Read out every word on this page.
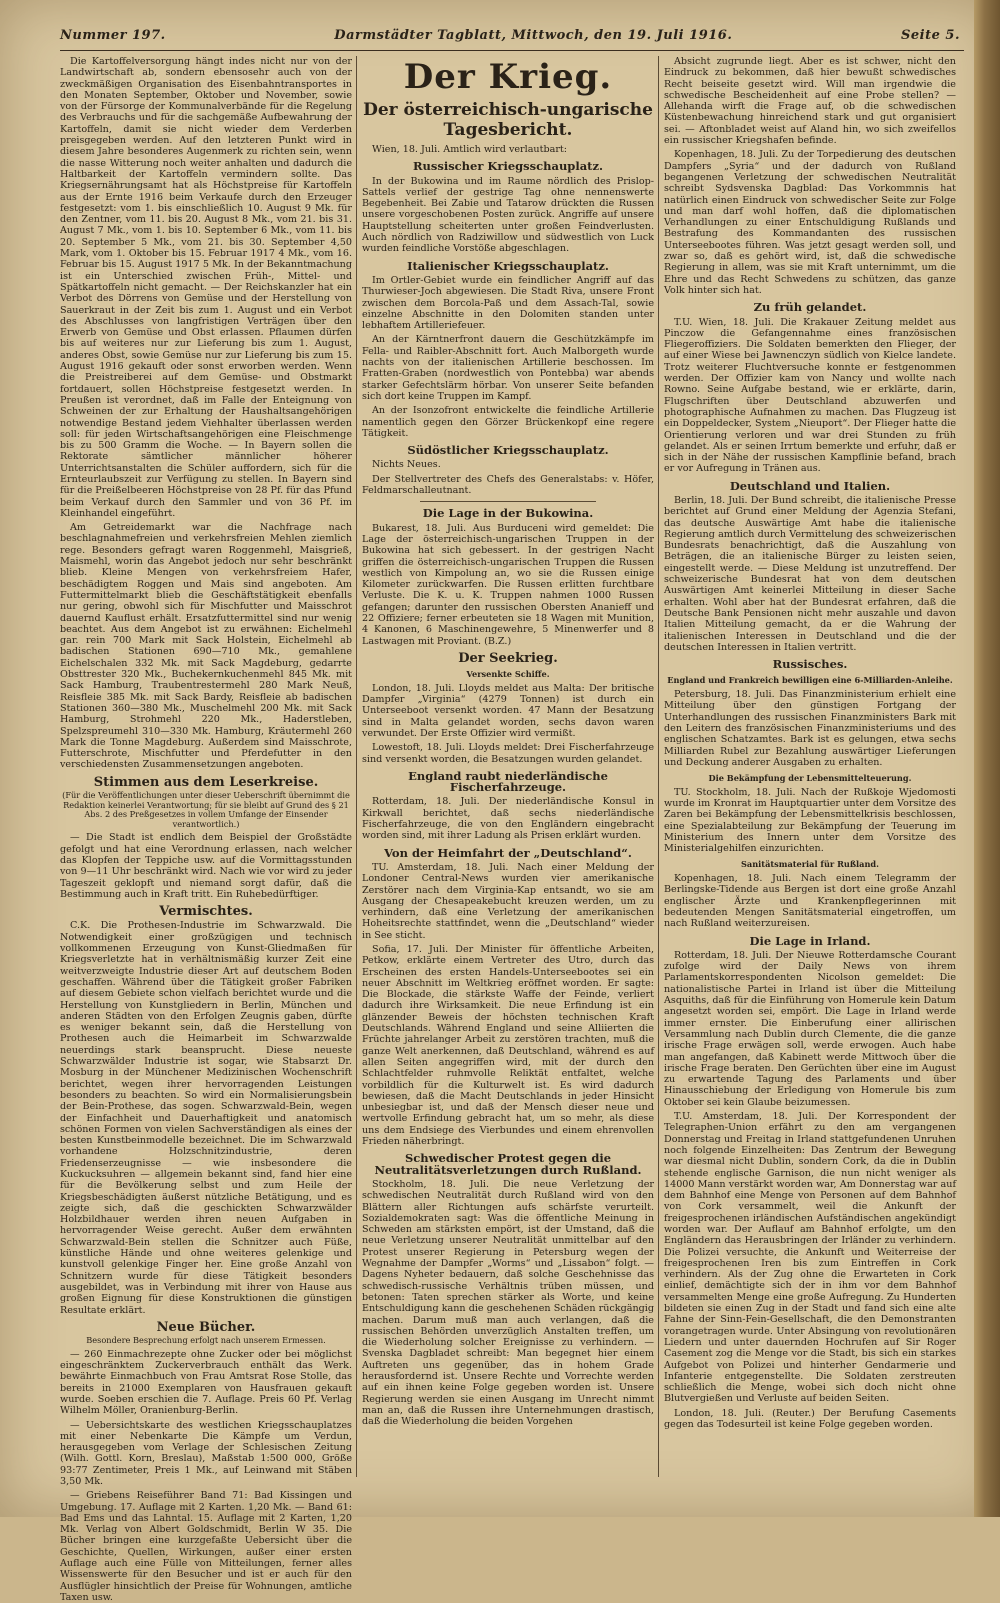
Nummer 197.	Darmstädter Tagblatt, Mittwoch, den 19. Juli 1916.	Seite 5.

Die Kartoffelversorgung hängt indes nicht nur von der Landwirtschaft ab, sondern ebensosehr auch von der zweckmäßigen Organisation des Eisenbahntransportes in den Monaten September, Oktober und November, sowie von der Fürsorge der Kommunalverbände für die Regelung des Verbrauchs und für die sachgemäße Aufbewahrung der Kartoffeln, damit sie nicht wieder dem Verderben preisgegeben werden. Auf den letzteren Punkt wird in diesem Jahre besonderes Augenmerk zu richten sein, wenn die nasse Witterung noch weiter anhalten und dadurch die Haltbarkeit der Kartoffeln vermindern sollte. Das Kriegsernährungsamt hat als Höchstpreise für Kartoffeln aus der Ernte 1916 beim Verkaufe durch den Erzeuger festgesetzt: vom 1. bis einschließlich 10. August 9 Mk. für den Zentner, vom 11. bis 20. August 8 Mk., vom 21. bis 31. August 7 Mk., vom 1. bis 10. September 6 Mk., vom 11. bis 20. September 5 Mk., vom 21. bis 30. September 4,50 Mark, vom 1. Oktober bis 15. Februar 1917 4 Mk., vom 16. Februar bis 15. August 1917 5 Mk. In der Bekanntmachung ist ein Unterschied zwischen Früh-, Mittel- und Spätkartoffeln nicht gemacht. — Der Reichskanzler hat ein Verbot des Dörrens von Gemüse und der Herstellung von Sauerkraut in der Zeit bis zum 1. August und ein Verbot des Abschlusses von langfristigen Verträgen über den Erwerb von Gemüse und Obst erlassen. Pflaumen dürfen bis auf weiteres nur zur Lieferung bis zum 1. August, anderes Obst, sowie Gemüse nur zur Lieferung bis zum 15. August 1916 gekauft oder sonst erworben werden. Wenn die Preistreiberei auf dem Gemüse- und Obstmarkt fortdauert, sollen Höchstpreise festgesetzt werden. In Preußen ist verordnet, daß im Falle der Enteignung von Schweinen der zur Erhaltung der Haushaltsangehörigen notwendige Bestand jedem Viehhalter überlassen werden soll: für jeden Wirtschaftsangehörigen eine Fleischmenge bis zu 500 Gramm die Woche. — In Bayern sollen die Rektorate sämtlicher männlicher höherer Unterrichtsanstalten die Schüler auffordern, sich für die Ernteurlaubszeit zur Verfügung zu stellen. In Bayern sind für die Preißelbeeren Höchstpreise von 28 Pf. für das Pfund beim Verkauf durch den Sammler und von 36 Pf. im Kleinhandel eingeführt.

Am Getreidemarkt war die Nachfrage nach beschlagnahmefreien und verkehrsfreien Mehlen ziemlich rege. Besonders gefragt waren Roggenmehl, Maisgrieß, Maismehl, worin das Angebot jedoch nur sehr beschränkt blieb. Kleine Mengen von verkehrsfreiem Hafer, beschädigtem Roggen und Mais sind angeboten. Am Futtermittelmarkt blieb die Geschäftstätigkeit ebenfalls nur gering, obwohl sich für Mischfutter und Maisschrot dauernd Kauflust erhält. Ersatzfuttermittel sind nur wenig beachtet. Aus dem Angebot ist zu erwähnen: Eichelmehl gar. rein 700 Mark mit Sack Holstein, Eichelmehl ab badischen Stationen 690—710 Mk., gemahlene Eichelschalen 332 Mk. mit Sack Magdeburg, gedarrte Obsttrester 320 Mk., Buchekernkuchenmehl 845 Mk. mit Sack Hamburg, Traubentrestermehl 280 Mark Neuß, Reisfleie 385 Mk. mit Sack Bardy, Reisfleie ab badischen Stationen 360—380 Mk., Muschelmehl 200 Mk. mit Sack Hamburg, Strohmehl 220 Mk., Haderstleben, Spelzspreumehl 310—330 Mk. Hamburg, Kräutermehl 260 Mark die Tonne Magdeburg. Außerdem sind Maisschrote, Futterschrote, Mischfutter und Pferdefutter in den verschiedensten Zusammensetzungen angeboten.

Stimmen aus dem Leserkreise.

(Für die Veröffentlichungen unter dieser Ueberschrift übernimmt die Redaktion keinerlei Verantwortung; für sie bleibt auf Grund des § 21 Abs. 2 des Preßgesetzes in vollem Umfange der Einsender verantwortlich.)

— Die Stadt ist endlich dem Beispiel der Großstädte gefolgt und hat eine Verordnung erlassen, nach welcher das Klopfen der Teppiche usw. auf die Vormittagsstunden von 9—11 Uhr beschränkt wird. Nach wie vor wird zu jeder Tageszeit geklopft und niemand sorgt dafür, daß die Bestimmung auch in Kraft tritt. Ein Ruhebedürftiger.

Vermischtes.

C.K. Die Prothesen-Industrie im Schwarzwald. Die Notwendigkeit einer großzügigen und technisch vollkommenen Erzeugung von Kunst-Gliedmaßen für Kriegsverletzte hat in verhältnismäßig kurzer Zeit eine weitverzweigte Industrie dieser Art auf deutschem Boden geschaffen. Während über die Tätigkeit großer Fabriken auf diesem Gebiete schon vielfach berichtet wurde und die Herstellung von Kunstgliedern in Berlin, München und anderen Städten von den Erfolgen Zeugnis gaben, dürfte es weniger bekannt sein, daß die Herstellung von Prothesen auch die Heimarbeit im Schwarzwalde neuerdings stark beansprucht. Diese neueste Schwarzwälder Industrie ist sogar, wie Stabsarzt Dr. Mosburg in der Münchener Medizinischen Wochenschrift berichtet, wegen ihrer hervorragenden Leistungen besonders zu beachten. So wird ein Normalisierungsbein der Bein-Prothese, das sogen. Schwarzwald-Bein, wegen der Einfachheit und Dauerhaftigkeit und anatomisch schönen Formen von vielen Sachverständigen als eines der besten Kunstbeinmodelle bezeichnet. Die im Schwarzwald vorhandene Holzschnitzindustrie, deren Friedenserzeugnisse — wie insbesondere die Kuckucksuhren — allgemein bekannt sind, fand hier eine für die Bevölkerung selbst und zum Heile der Kriegsbeschädigten äußerst nützliche Betätigung, und es zeigte sich, daß die geschickten Schwarzwälder Holzbildhauer werden ihren neuen Aufgaben in hervorragender Weise gerecht. Außer dem erwähnten Schwarzwald-Bein stellen die Schnitzer auch Füße, künstliche Hände und ohne weiteres gelenkige und kunstvoll gelenkige Finger her. Eine große Anzahl von Schnitzern wurde für diese Tätigkeit besonders ausgebildet, was in Verbindung mit ihrer von Hause aus großen Eignung für diese Konstruktionen die günstigen Resultate erklärt.

Neue Bücher.

Besondere Besprechung erfolgt nach unserem Ermessen.

— 260 Einmachrezepte ohne Zucker oder bei möglichst eingeschränktem Zuckerverbrauch enthält das Werk. bewährte Einmachbuch von Frau Amtsrat Rose Stolle, das bereits in 21000 Exemplaren von Hausfrauen gekauft wurde. Soeben erschien die 7. Auflage. Preis 60 Pf. Verlag Wilhelm Möller, Oranienburg-Berlin.

— Uebersichtskarte des westlichen Kriegsschauplatzes mit einer Nebenkarte Die Kämpfe um Verdun, herausgegeben vom Verlage der Schlesischen Zeitung (Wilh. Gottl. Korn, Breslau), Maßstab 1:500 000, Größe 93:77 Zentimeter, Preis 1 Mk., auf Leinwand mit Stäben 3,50 Mk.

— Griebens Reiseführer Band 71: Bad Kissingen und Umgebung. 17. Auflage mit 2 Karten. 1,20 Mk. — Band 61: Bad Ems und das Lahntal. 15. Auflage mit 2 Karten, 1,20 Mk. Verlag von Albert Goldschmidt, Berlin W 35. Die Bücher bringen eine kurzgefaßte Uebersicht über die Geschichte, Quellen, Wirkungen, außer einer ersten Auflage auch eine Fülle von Mitteilungen, ferner alles Wissenswerte für den Besucher und ist er auch für den Ausflügler hinsichtlich der Preise für Wohnungen, amtliche Taxen usw.

Der Krieg.
Der österreichisch-ungarische Tagesbericht.

Wien, 18. Juli. Amtlich wird verlautbart:

Russischer Kriegsschauplatz.

In der Bukowina und im Raume nördlich des Prislop-Sattels verlief der gestrige Tag ohne nennenswerte Begebenheit. Bei Zabie und Tatarow drückten die Russen unsere vorgeschobenen Posten zurück. Angriffe auf unsere Hauptstellung scheiterten unter großen Feindverlusten. Auch nördlich von Radziwillow und südwestlich von Luck wurden feindliche Vorstöße abgeschlagen.

Italienischer Kriegsschauplatz.

Im Ortler-Gebiet wurde ein feindlicher Angriff auf das Thurwieser-Joch abgewiesen. Die Stadt Riva, unsere Front zwischen dem Borcola-Paß und dem Assach-Tal, sowie einzelne Abschnitte in den Dolomiten standen unter lebhaftem Artilleriefeuer.

An der Kärntnerfront dauern die Geschützkämpfe im Fella- und Raibler-Abschnitt fort. Auch Malborgeth wurde nachts von der italienischen Artillerie beschossen. Im Fratten-Graben (nordwestlich von Pontebba) war abends starker Gefechtslärm hörbar. Von unserer Seite befanden sich dort keine Truppen im Kampf.

An der Isonzofront entwickelte die feindliche Artillerie namentlich gegen den Görzer Brückenkopf eine regere Tätigkeit.

Südöstlicher Kriegsschauplatz.

Nichts Neues.

Der Stellvertreter des Chefs des Generalstabs: v. Höfer, Feldmarschalleutnant.

Die Lage in der Bukowina.

Bukarest, 18. Juli. Aus Burduceni wird gemeldet: Die Lage der österreichisch-ungarischen Truppen in der Bukowina hat sich gebessert. In der gestrigen Nacht griffen die österreichisch-ungarischen Truppen die Russen westlich von Kimpolung an, wo sie die Russen einige Kilometer zurückwarfen. Die Russen erlitten furchtbare Verluste. Die K. u. K. Truppen nahmen 1000 Russen gefangen; darunter den russischen Obersten Ananieff und 22 Offiziere; ferner erbeuteten sie 18 Wagen mit Munition, 4 Kanonen, 6 Maschinengewehre, 5 Minenwerfer und 8 Lastwagen mit Proviant. (B.Z.)

Der Seekrieg.
Versenkte Schiffe.

London, 18. Juli. Lloyds meldet aus Malta: Der britische Dampfer „Virginia“ (4279 Tonnen) ist durch ein Unterseeboot versenkt worden. 47 Mann der Besatzung sind in Malta gelandet worden, sechs davon waren verwundet. Der Erste Offizier wird vermißt.

Lowestoft, 18. Juli. Lloyds meldet: Drei Fischerfahrzeuge sind versenkt worden, die Besatzungen wurden gelandet.

England raubt niederländische Fischerfahrzeuge.

Rotterdam, 18. Juli. Der niederländische Konsul in Kirkwall berichtet, daß sechs niederländische Fischerfahrzeuge, die von den Engländern eingebracht worden sind, mit ihrer Ladung als Prisen erklärt wurden.

Von der Heimfahrt der „Deutschland“.

TU. Amsterdam, 18. Juli. Nach einer Meldung der Londoner Central-News wurden vier amerikanische Zerstörer nach dem Virginia-Kap entsandt, wo sie am Ausgang der Chesapeakebucht kreuzen werden, um zu verhindern, daß eine Verletzung der amerikanischen Hoheitsrechte stattfindet, wenn die „Deutschland“ wieder in See sticht.

Sofia, 17. Juli. Der Minister für öffentliche Arbeiten, Petkow, erklärte einem Vertreter des Utro, durch das Erscheinen des ersten Handels-Unterseebootes sei ein neuer Abschnitt im Weltkrieg eröffnet worden. Er sagte: Die Blockade, die stärkste Waffe der Feinde, verliert dadurch ihre Wirksamkeit. Die neue Erfindung ist ein glänzender Beweis der höchsten technischen Kraft Deutschlands. Während England und seine Alliierten die Früchte jahrelanger Arbeit zu zerstören trachten, muß die ganze Welt anerkennen, daß Deutschland, während es auf allen Seiten angegriffen wird, mit der durch den Schlachtfelder ruhmvolle Reliktät entfaltet, welche vorbildlich für die Kulturwelt ist. Es wird dadurch bewiesen, daß die Macht Deutschlands in jeder Hinsicht unbesiegbar ist, und daß der Mensch dieser neue und wertvolle Erfindung gebracht hat, um so mehr, als diese uns dem Endsiege des Vierbundes und einem ehrenvollen Frieden näherbringt.

Schwedischer Protest gegen die Neutralitätsverletzungen durch Rußland.

Stockholm, 18. Juli. Die neue Verletzung der schwedischen Neutralität durch Rußland wird von den Blättern aller Richtungen aufs schärfste verurteilt. Sozialdemokraten sagt: Was die öffentliche Meinung in Schweden am stärksten empört, ist der Umstand, daß die neue Verletzung unserer Neutralität unmittelbar auf den Protest unserer Regierung in Petersburg wegen der Wegnahme der Dampfer „Worms“ und „Lissabon“ folgt. — Dagens Nyheter bedauern, daß solche Geschehnisse das schwedisch-russische Verhältnis trüben müssen, und betonen: Taten sprechen stärker als Worte, und keine Entschuldigung kann die geschehenen Schäden rückgängig machen. Darum muß man auch verlangen, daß die russischen Behörden unverzüglich Anstalten treffen, um die Wiederholung solcher Ereignisse zu verhindern. — Svenska Dagbladet schreibt: Man begegnet hier einem Auftreten uns gegenüber, das in hohem Grade herausfordernd ist. Unsere Rechte und Vorrechte werden auf ein ihnen keine Folge gegeben worden ist. Unsere Regierung werden sie einen Ausgang im Unrecht nimmt man an, daß die Russen ihre Unternehmungen drastisch, daß die Wiederholung die beiden Vorgehen

Absicht zugrunde liegt. Aber es ist schwer, nicht den Eindruck zu bekommen, daß hier bewußt schwedisches Recht beiseite gesetzt wird. Will man irgendwie die schwedische Bescheidenheit auf eine Probe stellen? — Allehanda wirft die Frage auf, ob die schwedischen Küstenbewachung hinreichend stark und gut organisiert sei. — Aftonbladet weist auf Aland hin, wo sich zweifellos ein russischer Kriegshafen befinde.

Kopenhagen, 18. Juli. Zu der Torpedierung des deutschen Dampfers „Syria“ und der dadurch von Rußland begangenen Verletzung der schwedischen Neutralität schreibt Sydsvenska Dagblad: Das Vorkommnis hat natürlich einen Eindruck von schwedischer Seite zur Folge und man darf wohl hoffen, daß die diplomatischen Verhandlungen zu einer Entschuldigung Rußlands und Bestrafung des Kommandanten des russischen Unterseebootes führen. Was jetzt gesagt werden soll, und zwar so, daß es gehört wird, ist, daß die schwedische Regierung in allem, was sie mit Kraft unternimmt, um die Ehre und das Recht Schwedens zu schützen, das ganze Volk hinter sich hat.

Zu früh gelandet.

T.U. Wien, 18. Juli. Die Krakauer Zeitung meldet aus Pinczow die Gefangennahme eines französischen Fliegeroffiziers. Die Soldaten bemerkten den Flieger, der auf einer Wiese bei Jawnenczyn südlich von Kielce landete. Trotz weiterer Fluchtversuche konnte er festgenommen werden. Der Offizier kam von Nancy und wollte nach Rowno. Seine Aufgabe bestand, wie er erklärte, darin, Flugschriften über Deutschland abzuwerfen und photographische Aufnahmen zu machen. Das Flugzeug ist ein Doppeldecker, System „Nieuport“. Der Flieger hatte die Orientierung verloren und war drei Stunden zu früh gelandet. Als er seinen Irrtum bemerkte und erfuhr, daß er sich in der Nähe der russischen Kampflinie befand, brach er vor Aufregung in Tränen aus.

Deutschland und Italien.

Berlin, 18. Juli. Der Bund schreibt, die italienische Presse berichtet auf Grund einer Meldung der Agenzia Stefani, das deutsche Auswärtige Amt habe die italienische Regierung amtlich durch Vermittelung des schweizerischen Bundesrats benachrichtigt, daß die Auszahlung von Beträgen, die an italienische Bürger zu leisten seien, eingestellt werde. — Diese Meldung ist unzutreffend. Der schweizerische Bundesrat hat von dem deutschen Auswärtigen Amt keinerlei Mitteilung in dieser Sache erhalten. Wohl aber hat der Bundesrat erfahren, daß die Deutsche Bank Pensionen nicht mehr auszahle und davon Italien Mitteilung gemacht, da er die Wahrung der italienischen Interessen in Deutschland und die der deutschen Interessen in Italien vertritt.

Russisches.
England und Frankreich bewilligen eine 6-Milliarden-Anleihe.

Petersburg, 18. Juli. Das Finanzministerium erhielt eine Mitteilung über den günstigen Fortgang der Unterhandlungen des russischen Finanzministers Bark mit den Leitern des französischen Finanzministeriums und des englischen Schatzamtes. Bark ist es gelungen, etwa sechs Milliarden Rubel zur Bezahlung auswärtiger Lieferungen und Deckung anderer Ausgaben zu erhalten.

Die Bekämpfung der Lebensmittelteuerung.

TU. Stockholm, 18. Juli. Nach der Rußkoje Wjedomosti wurde im Kronrat im Hauptquartier unter dem Vorsitze des Zaren bei Bekämpfung der Lebensmittelkrisis beschlossen, eine Spezialabteilung zur Bekämpfung der Teuerung im Ministerium des Innern unter dem Vorsitze des Ministerialgehilfen einzurichten.

Sanitätsmaterial für Rußland.

Kopenhagen, 18. Juli. Nach einem Telegramm der Berlingske-Tidende aus Bergen ist dort eine große Anzahl englischer Ärzte und Krankenpflegerinnen mit bedeutenden Mengen Sanitätsmaterial eingetroffen, um nach Rußland weiterzureisen.

Die Lage in Irland.

Rotterdam, 18. Juli. Der Nieuwe Rotterdamsche Courant zufolge wird der Daily News von ihrem Parlamentskorrespondenten Nicolson gemeldet: Die nationalistische Partei in Irland ist über die Mitteilung Asquiths, daß für die Einführung von Homerule kein Datum angesetzt worden sei, empört. Die Lage in Irland werde immer ernster. Die Einberufung einer allirischen Versammlung nach Dublin durch Clemente, die die ganze irische Frage erwägen soll, werde erwogen. Auch habe man angefangen, daß Kabinett werde Mittwoch über die irische Frage beraten. Den Gerüchten über eine im August zu erwartende Tagung des Parlaments und über Hinausschiebung der Erledigung von Homerule bis zum Oktober sei kein Glaube beizumessen.

T.U. Amsterdam, 18. Juli. Der Korrespondent der Telegraphen-Union erfährt zu den am vergangenen Donnerstag und Freitag in Irland stattgefundenen Unruhen noch folgende Einzelheiten: Das Zentrum der Bewegung war diesmal nicht Dublin, sondern Cork, da die in Dublin stehende englische Garnison, die nun nicht weniger als 14000 Mann verstärkt worden war, Am Donnerstag war auf dem Bahnhof eine Menge von Personen auf dem Bahnhof von Cork versammelt, weil die Ankunft der freigesprochenen irländischen Aufständischen angekündigt worden war. Der Auflauf am Bahnhof erfolgte, um den Engländern das Herausbringen der Irländer zu verhindern. Die Polizei versuchte, die Ankunft und Weiterreise der freigesprochenen Iren bis zum Eintreffen in Cork verhindern. Als der Zug ohne die Erwarteten in Cork einlief, demächtigte sich der in ihm vor dem Bahnhof versammelten Menge eine große Aufregung. Zu Hunderten bildeten sie einen Zug in der Stadt und fand sich eine alte Fahne der Sinn-Fein-Gesellschaft, die den Demonstranten vorangetragen wurde. Unter Absingung von revolutionären Liedern und unter dauernden Hochrufen auf Sir Roger Casement zog die Menge vor die Stadt, bis sich ein starkes Aufgebot von Polizei und hinterher Gendarmerie und Infanterie entgegenstellte. Die Soldaten zerstreuten schließlich die Menge, wobei sich doch nicht ohne Blutvergießen und Verluste auf beiden Seiten.

London, 18. Juli. (Reuter.) Der Berufung Casements gegen das Todesurteil ist keine Folge gegeben worden.
